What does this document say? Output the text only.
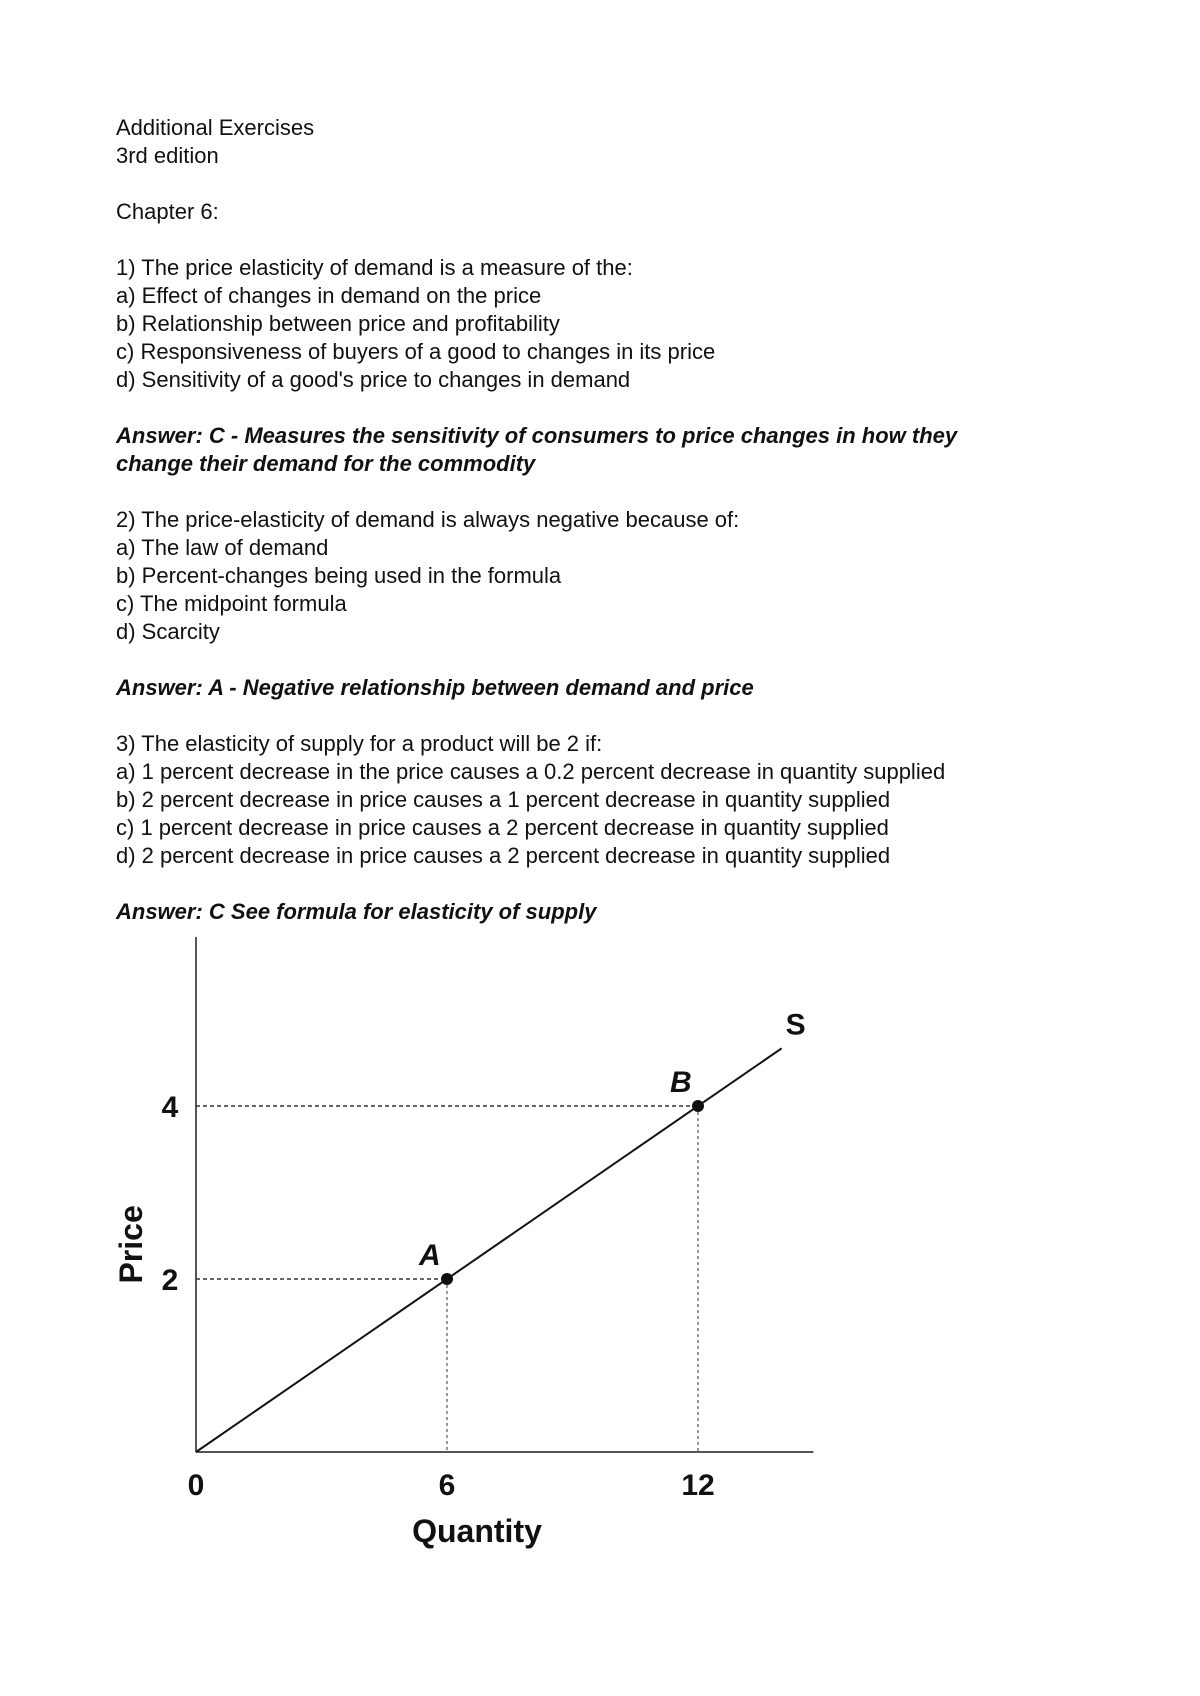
Additional Exercises

3rd edition

Chapter 6:

1) The price elasticity of demand is a measure of the:

a) Effect of changes in demand on the price

b) Relationship between price and profitability

c) Responsiveness of buyers of a good to changes in its price

d) Sensitivity of a good's price to changes in demand

Answer: C - Measures the sensitivity of consumers to price changes in how they

change their demand for the commodity

2) The price-elasticity of demand is always negative because of:

a) The law of demand

b) Percent-changes being used in the formula

c) The midpoint formula

d) Scarcity

Answer: A - Negative relationship between demand and price

3) The elasticity of supply for a product will be 2 if:

a) 1 percent decrease in the price causes a 0.2 percent decrease in quantity supplied

b) 2 percent decrease in price causes a 1 percent decrease in quantity supplied

c) 1 percent decrease in price causes a 2 percent decrease in quantity supplied

d) 2 percent decrease in price causes a 2 percent decrease in quantity supplied

Answer: C See formula for elasticity of supply

S
A
B
0	6	12
2
4
Quantity
Price
